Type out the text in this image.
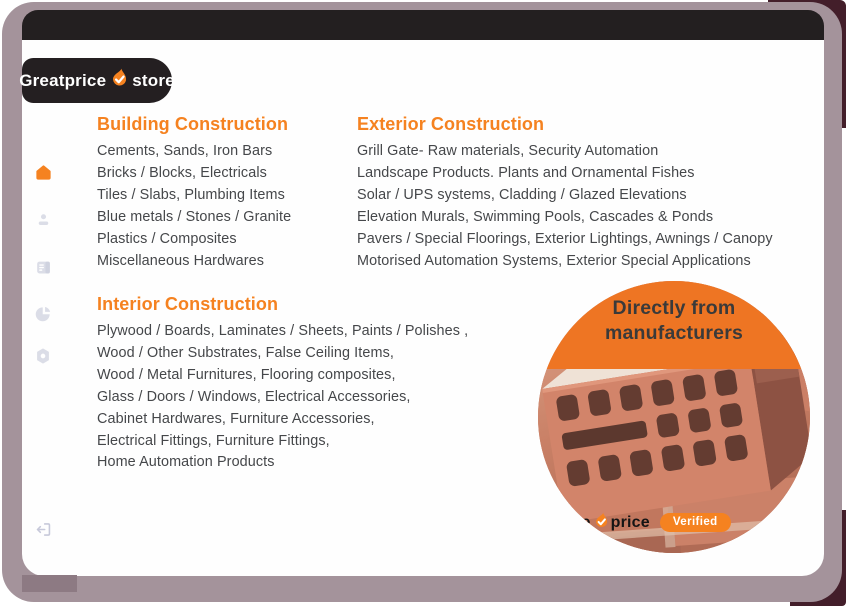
Greatprice store
Building Construction
Cements, Sands, Iron Bars
Bricks / Blocks, Electricals
Tiles / Slabs, Plumbing Items
Blue metals / Stones / Granite
Plastics / Composites
Miscellaneous Hardwares
Exterior Construction
Grill Gate- Raw materials, Security Automation
Landscape Products. Plants and Ornamental Fishes
Solar / UPS systems, Cladding / Glazed Elevations
Elevation Murals, Swimming Pools, Cascades & Ponds
Pavers / Special Floorings, Exterior Lightings, Awnings / Canopy
Motorised Automation Systems, Exterior Special Applications
Interior Construction
Plywood / Boards, Laminates / Sheets, Paints / Polishes ,
Wood / Other Substrates, False Ceiling Items,
Wood / Metal Furnitures, Flooring composites,
Glass / Doors / Windows, Electrical Accessories,
Cabinet Hardwares, Furniture Accessories,
Electrical Fittings, Furniture Fittings,
Home Automation Products
Directly from
manufacturers
True price	Verified
